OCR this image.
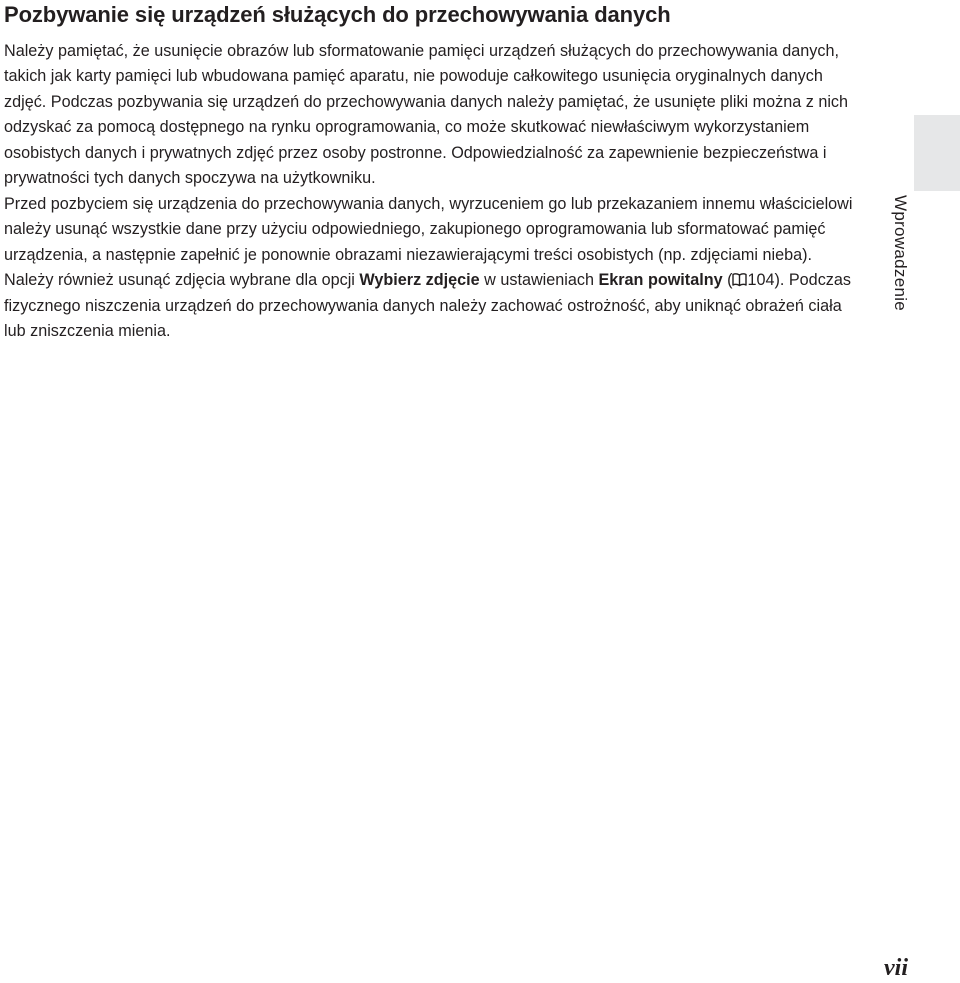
Pozbywanie się urządzeń służących do przechowywania danych

Należy pamiętać, że usunięcie obrazów lub sformatowanie pamięci urządzeń służących do przechowywania danych, takich jak karty pamięci lub wbudowana pamięć aparatu, nie powoduje całkowitego usunięcia oryginalnych danych zdjęć. Podczas pozbywania się urządzeń do przechowywania danych należy pamiętać, że usunięte pliki można z nich odzyskać za pomocą dostępnego na rynku oprogramowania, co może skutkować niewłaściwym wykorzystaniem osobistych danych i prywatnych zdjęć przez osoby postronne. Odpowiedzialność za zapewnienie bezpieczeństwa i prywatności tych danych spoczywa na użytkowniku.

Przed pozbyciem się urządzenia do przechowywania danych, wyrzuceniem go lub przekazaniem innemu właścicielowi należy usunąć wszystkie dane przy użyciu odpowiedniego, zakupionego oprogramowania lub sformatować pamięć urządzenia, a następnie zapełnić je ponownie obrazami niezawierającymi treści osobistych (np. zdjęciami nieba). Należy również usunąć zdjęcia wybrane dla opcji Wybierz zdjęcie w ustawieniach Ekran powitalny ( 104). Podczas fizycznego niszczenia urządzeń do przechowywania danych należy zachować ostrożność, aby uniknąć obrażeń ciała lub zniszczenia mienia.

Wprowadzenie
vii
